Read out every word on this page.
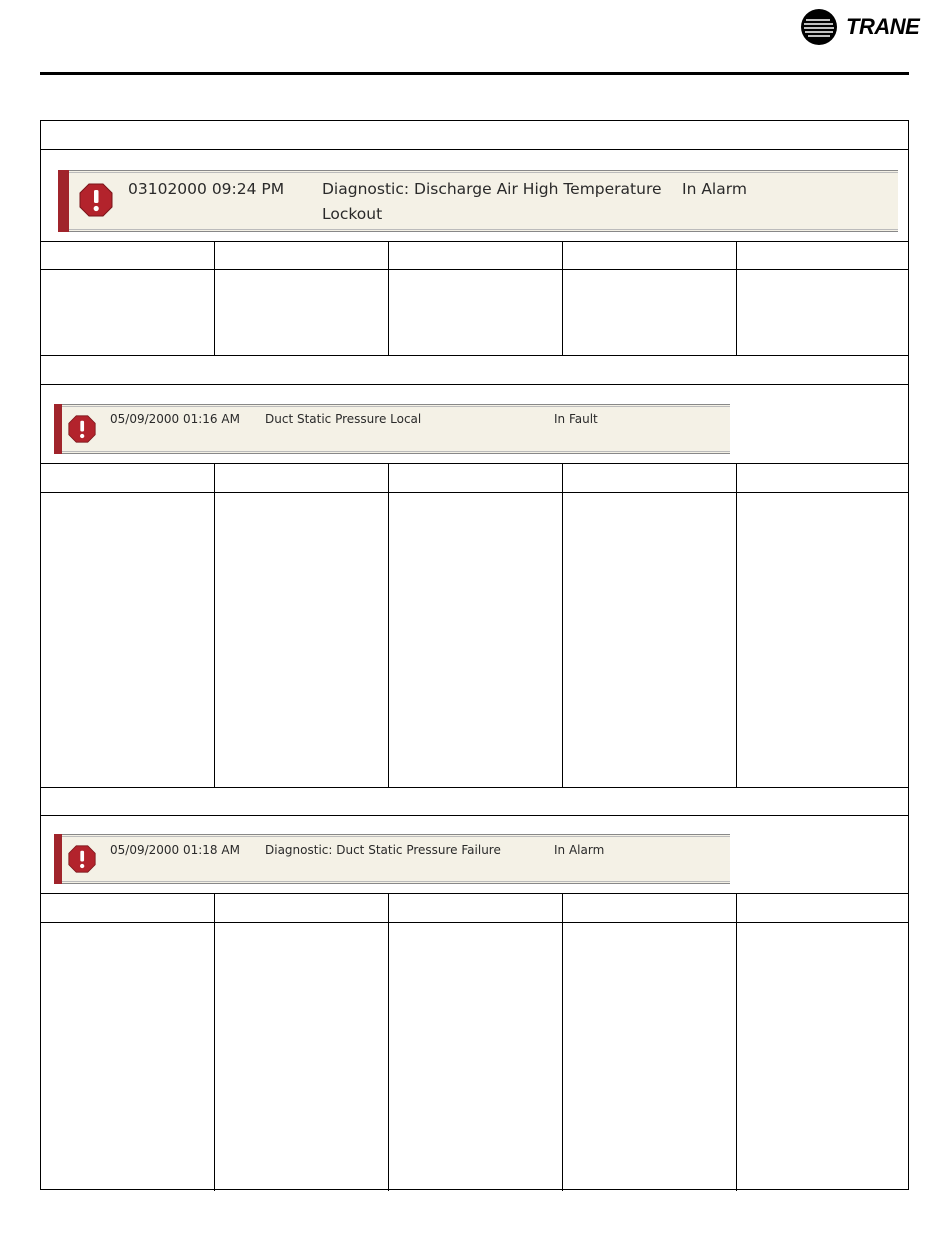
TRANE
03102000 09:24 PM Diagnostic: Discharge Air High Temperature
Lockout
In Alarm
05/09/2000 01:16 AM Duct Static Pressure Local	In Fault
05/09/2000 01:18 AM Diagnostic: Duct Static Pressure Failure	In Alarm
